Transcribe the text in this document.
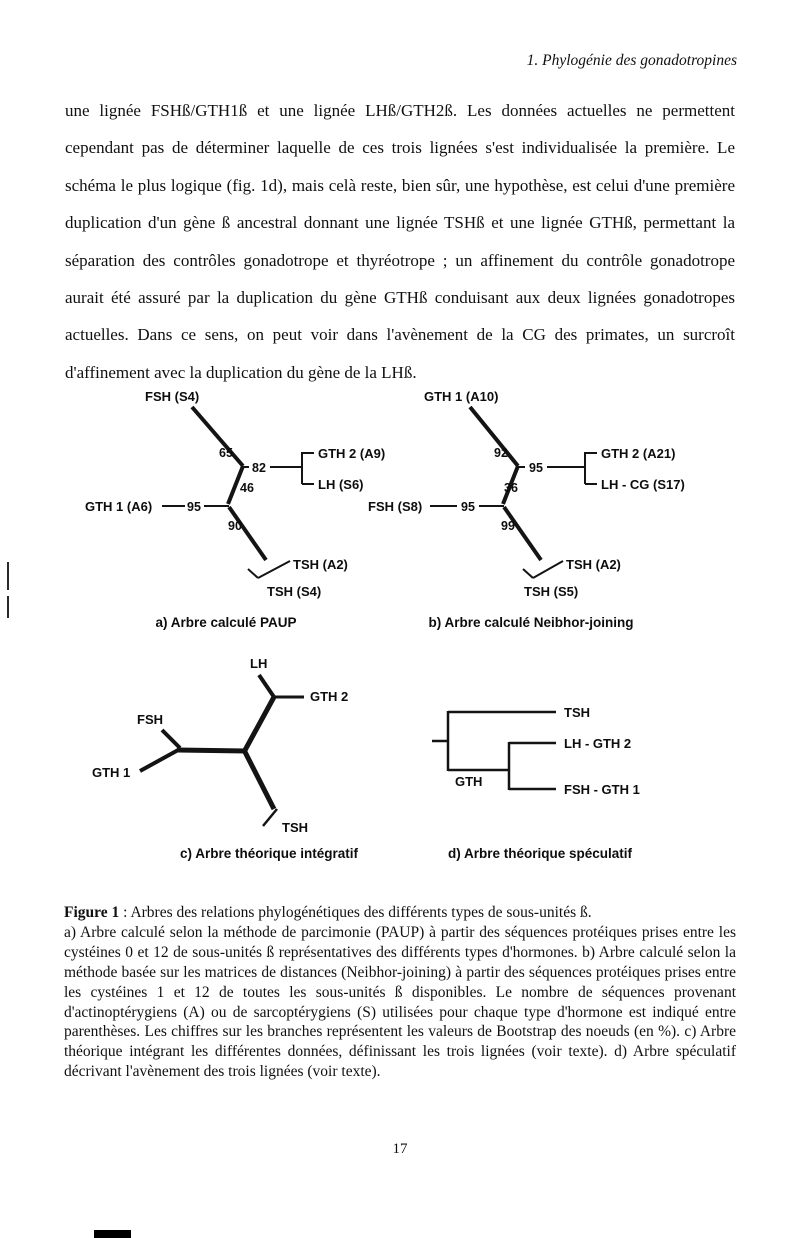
1. Phylogénie des gonadotropines
une lignée FSHß/GTH1ß et une lignée LHß/GTH2ß. Les données actuelles ne permettent cependant pas de déterminer laquelle de ces trois lignées s'est individualisée la première. Le schéma le plus logique (fig. 1d), mais celà reste, bien sûr, une hypothèse, est celui d'une première duplication d'un gène ß ancestral donnant une lignée TSHß et une lignée GTHß, permettant la séparation des contrôles gonadotrope et thyréotrope ; un affinement du contrôle gonadotrope aurait été assuré par la duplication du gène GTHß conduisant aux deux lignées gonadotropes actuelles. Dans ce sens, on peut voir dans l'avènement de la CG des primates, un surcroît d'affinement avec la duplication du gène de la LHß.
FSH (S4)
GTH 1 (A6)
GTH 2 (A9)
LH (S6)
TSH (A2)
TSH (S4)
65
82
46
95
90
a) Arbre calculé PAUP
GTH 1 (A10)
GTH 2 (A21)
LH - CG (S17)
FSH (S8)
TSH (A2)
TSH (S5)
92
95
36
95
99
b) Arbre calculé Neibhor-joining
LH
GTH 2
FSH
GTH 1
TSH
c) Arbre théorique intégratif
TSH
LH - GTH 2
FSH - GTH 1
GTH
d) Arbre théorique spéculatif

Figure 1 : Arbres des relations phylogénétiques des différents types de sous-unités ß.

a) Arbre calculé selon la méthode de parcimonie (PAUP) à partir des séquences protéiques prises entre les cystéines 0 et 12 de sous-unités ß représentatives des différents types d'hormones. b) Arbre calculé selon la méthode basée sur les matrices de distances (Neibhor-joining) à partir des séquences protéiques prises entre les cystéines 1 et 12 de toutes les sous-unités ß disponibles. Le nombre de séquences provenant d'actinoptérygiens (A) ou de sarcoptérygiens (S) utilisées pour chaque type d'hormone est indiqué entre parenthèses. Les chiffres sur les branches représentent les valeurs de Bootstrap des noeuds (en %). c) Arbre théorique intégrant les différentes données, définissant les trois lignées (voir texte). d) Arbre spéculatif décrivant l'avènement des trois lignées (voir texte).

17
